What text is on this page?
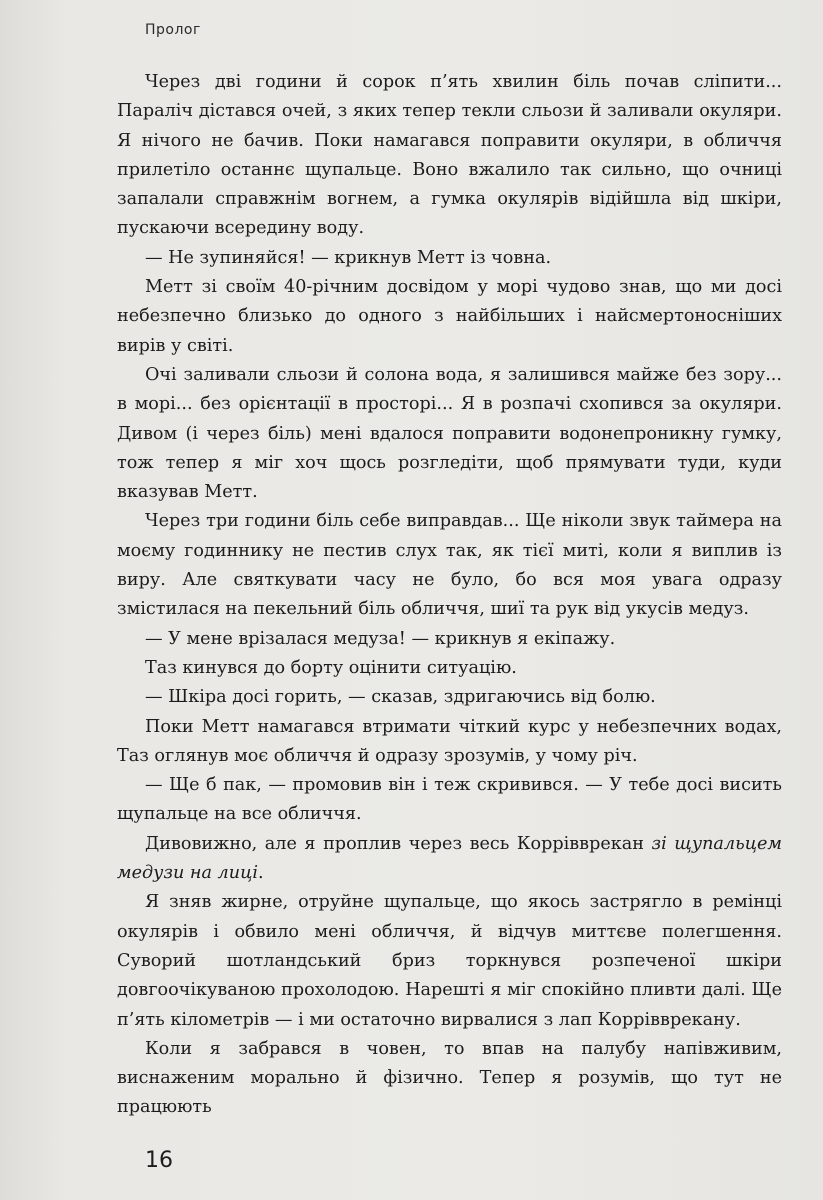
Пролог

Через дві години й сорок п’ять хвилин біль почав сліпити... Параліч дістався очей, з яких тепер текли сльози й заливали окуляри. Я нічого не бачив. Поки намагався поправити окуляри, в обличчя прилетіло останнє щупальце. Воно вжалило так сильно, що очниці запалали справжнім вогнем, а гумка окулярів відійшла від шкіри, пускаючи всередину воду.

— Не зупиняйся! — крикнув Метт із човна.

Метт зі своїм 40-річним досвідом у морі чудово знав, що ми досі небезпечно близько до одного з найбільших і найсмертоносніших вирів у світі.

Очі заливали сльози й солона вода, я залишився майже без зору... в морі... без орієнтації в просторі... Я в розпачі схопився за окуляри. Дивом (і через біль) мені вдалося поправити водонепроникну гумку, тож тепер я міг хоч щось розгледіти, щоб прямувати туди, куди вказував Метт.

Через три години біль себе виправдав... Ще ніколи звук таймера на моєму годиннику не пестив слух так, як тієї миті, коли я виплив із виру. Але святкувати часу не було, бо вся моя увага одразу змістилася на пекельний біль обличчя, шиї та рук від укусів медуз.

— У мене врізалася медуза! — крикнув я екіпажу.

Таз кинувся до борту оцінити ситуацію.

— Шкіра досі горить, — сказав, здригаючись від болю.

Поки Метт намагався втримати чіткий курс у небезпечних водах, Таз оглянув моє обличчя й одразу зрозумів, у чому річ.

— Ще б пак, — промовив він і теж скривився. — У тебе досі висить щупальце на все обличчя.

Дивовижно, але я проплив через весь Коррівврекан зі щупальцем медузи на лиці.

Я зняв жирне, отруйне щупальце, що якось застрягло в ремінці окулярів і обвило мені обличчя, й відчув миттєве полегшення. Суворий шотландський бриз торкнувся розпеченої шкіри довгоочікуваною прохолодою. Нарешті я міг спокійно пливти далі. Ще п’ять кілометрів — і ми остаточно вирвалися з лап Коррівврекану.

Коли я забрався в човен, то впав на палубу напівживим, виснаженим морально й фізично. Тепер я розумів, що тут не працюють

16
